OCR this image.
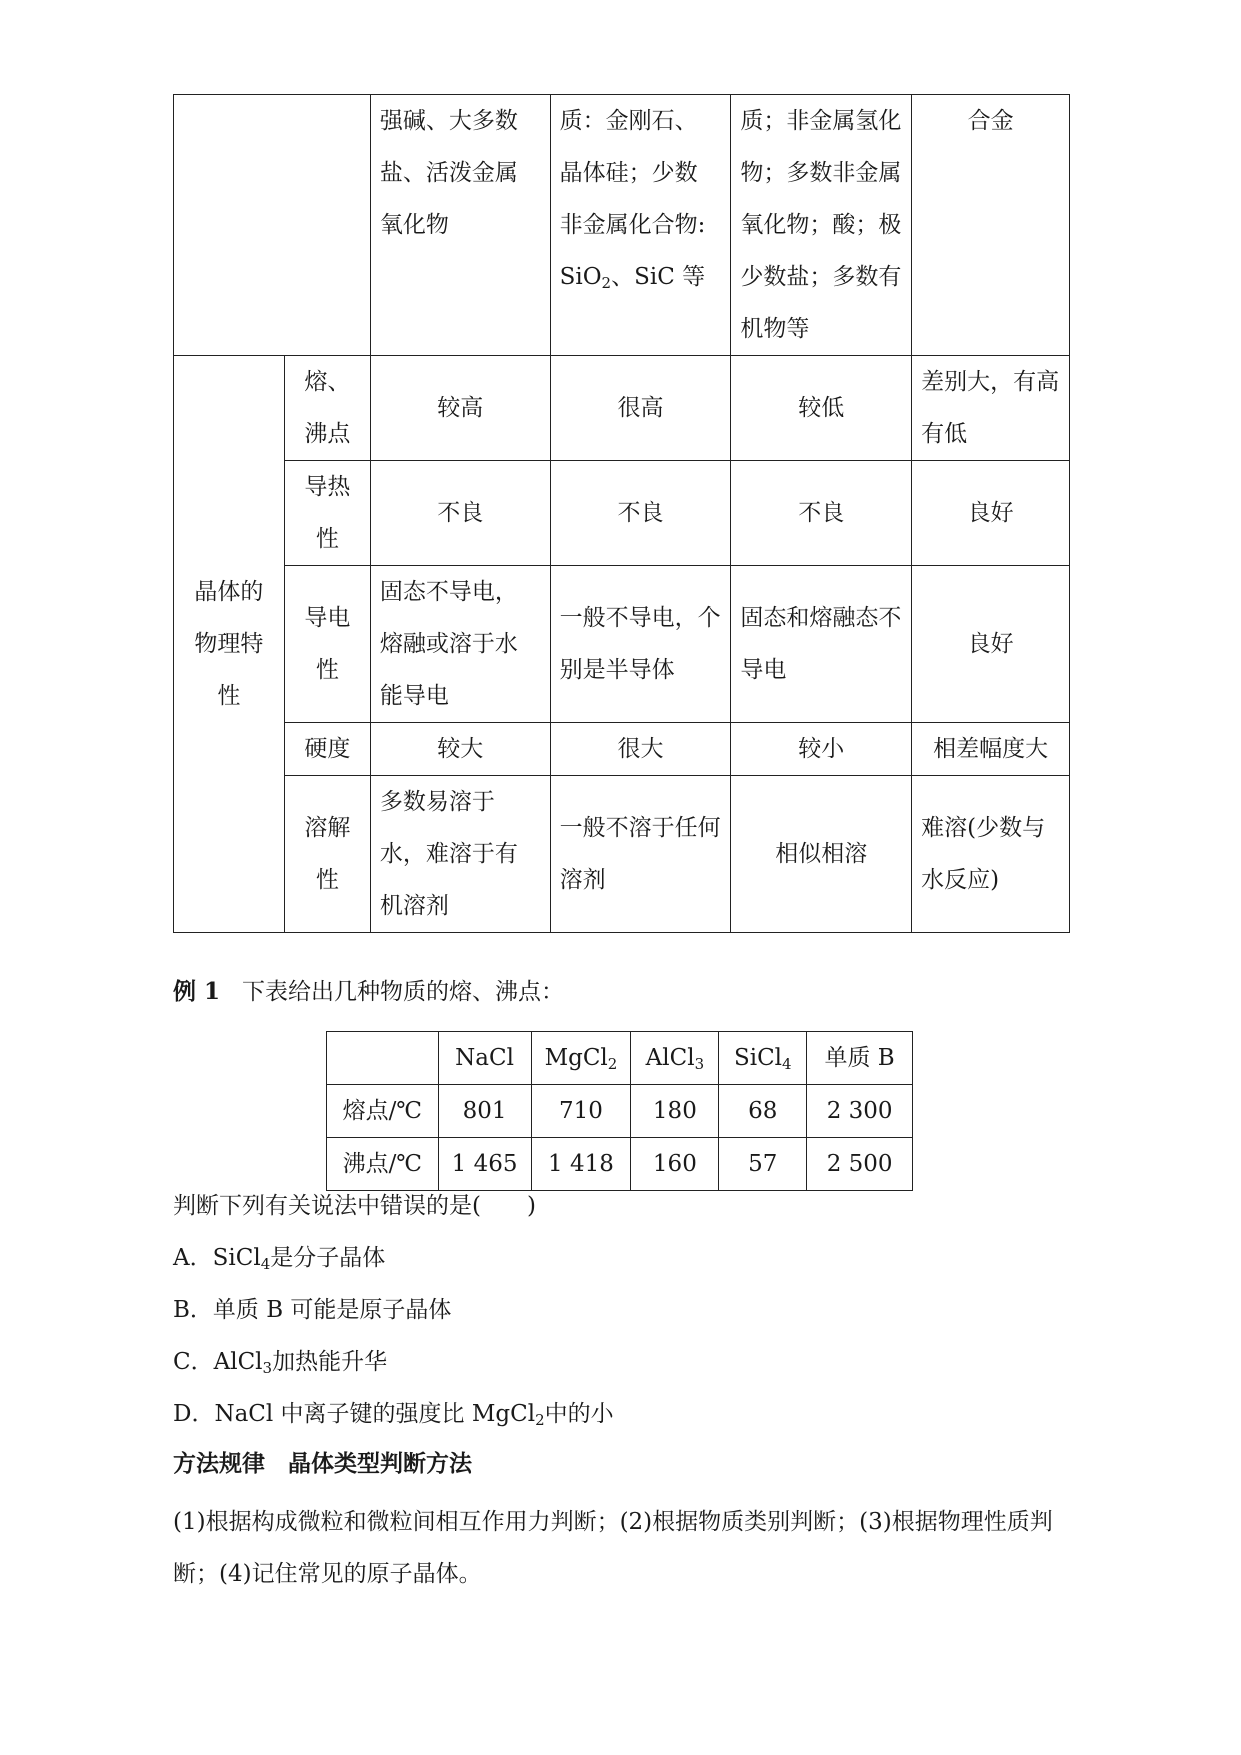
		强碱、大多数盐、活泼金属氧化物	质：金刚石、
晶体硅；少数
非金属化合物:
SiO$_2$、SiC 等	质；非金属氢化物；多数非金属氧化物；酸；极少数盐；多数有机物等	合金
晶体的物理特性	熔、沸点	较高	很高	较低	差别大，有高有低
	导热性	不良	不良	不良	良好
	导电性	固态不导电，熔融或溶于水能导电	一般不导电，个别是半导体	固态和熔融态不导电	良好
	硬度	较大	很大	较小	相差幅度大
	溶解性	多数易溶于水，难溶于有机溶剂	一般不溶于任何溶剂	相似相溶	难溶(少数与水反应)
例 1 下表给出几种物质的熔、沸点：
	NaCl	MgCl$_2$	AlCl$_3$	SiCl$_4$	单质 B
熔点/℃	801	710	180	68	2 300
沸点/℃	1 465	1 418	160	57	2 500
判断下列有关说法中错误的是(　　)
A．SiCl$_4$是分子晶体
B．单质 B 可能是原子晶体
C．AlCl$_3$加热能升华
D．NaCl 中离子键的强度比 MgCl$_2$中的小
方法规律　晶体类型判断方法
(1)根据构成微粒和微粒间相互作用力判断；(2)根据物质类别判断；(3)根据物理性质判断；(4)记住常见的原子晶体。
